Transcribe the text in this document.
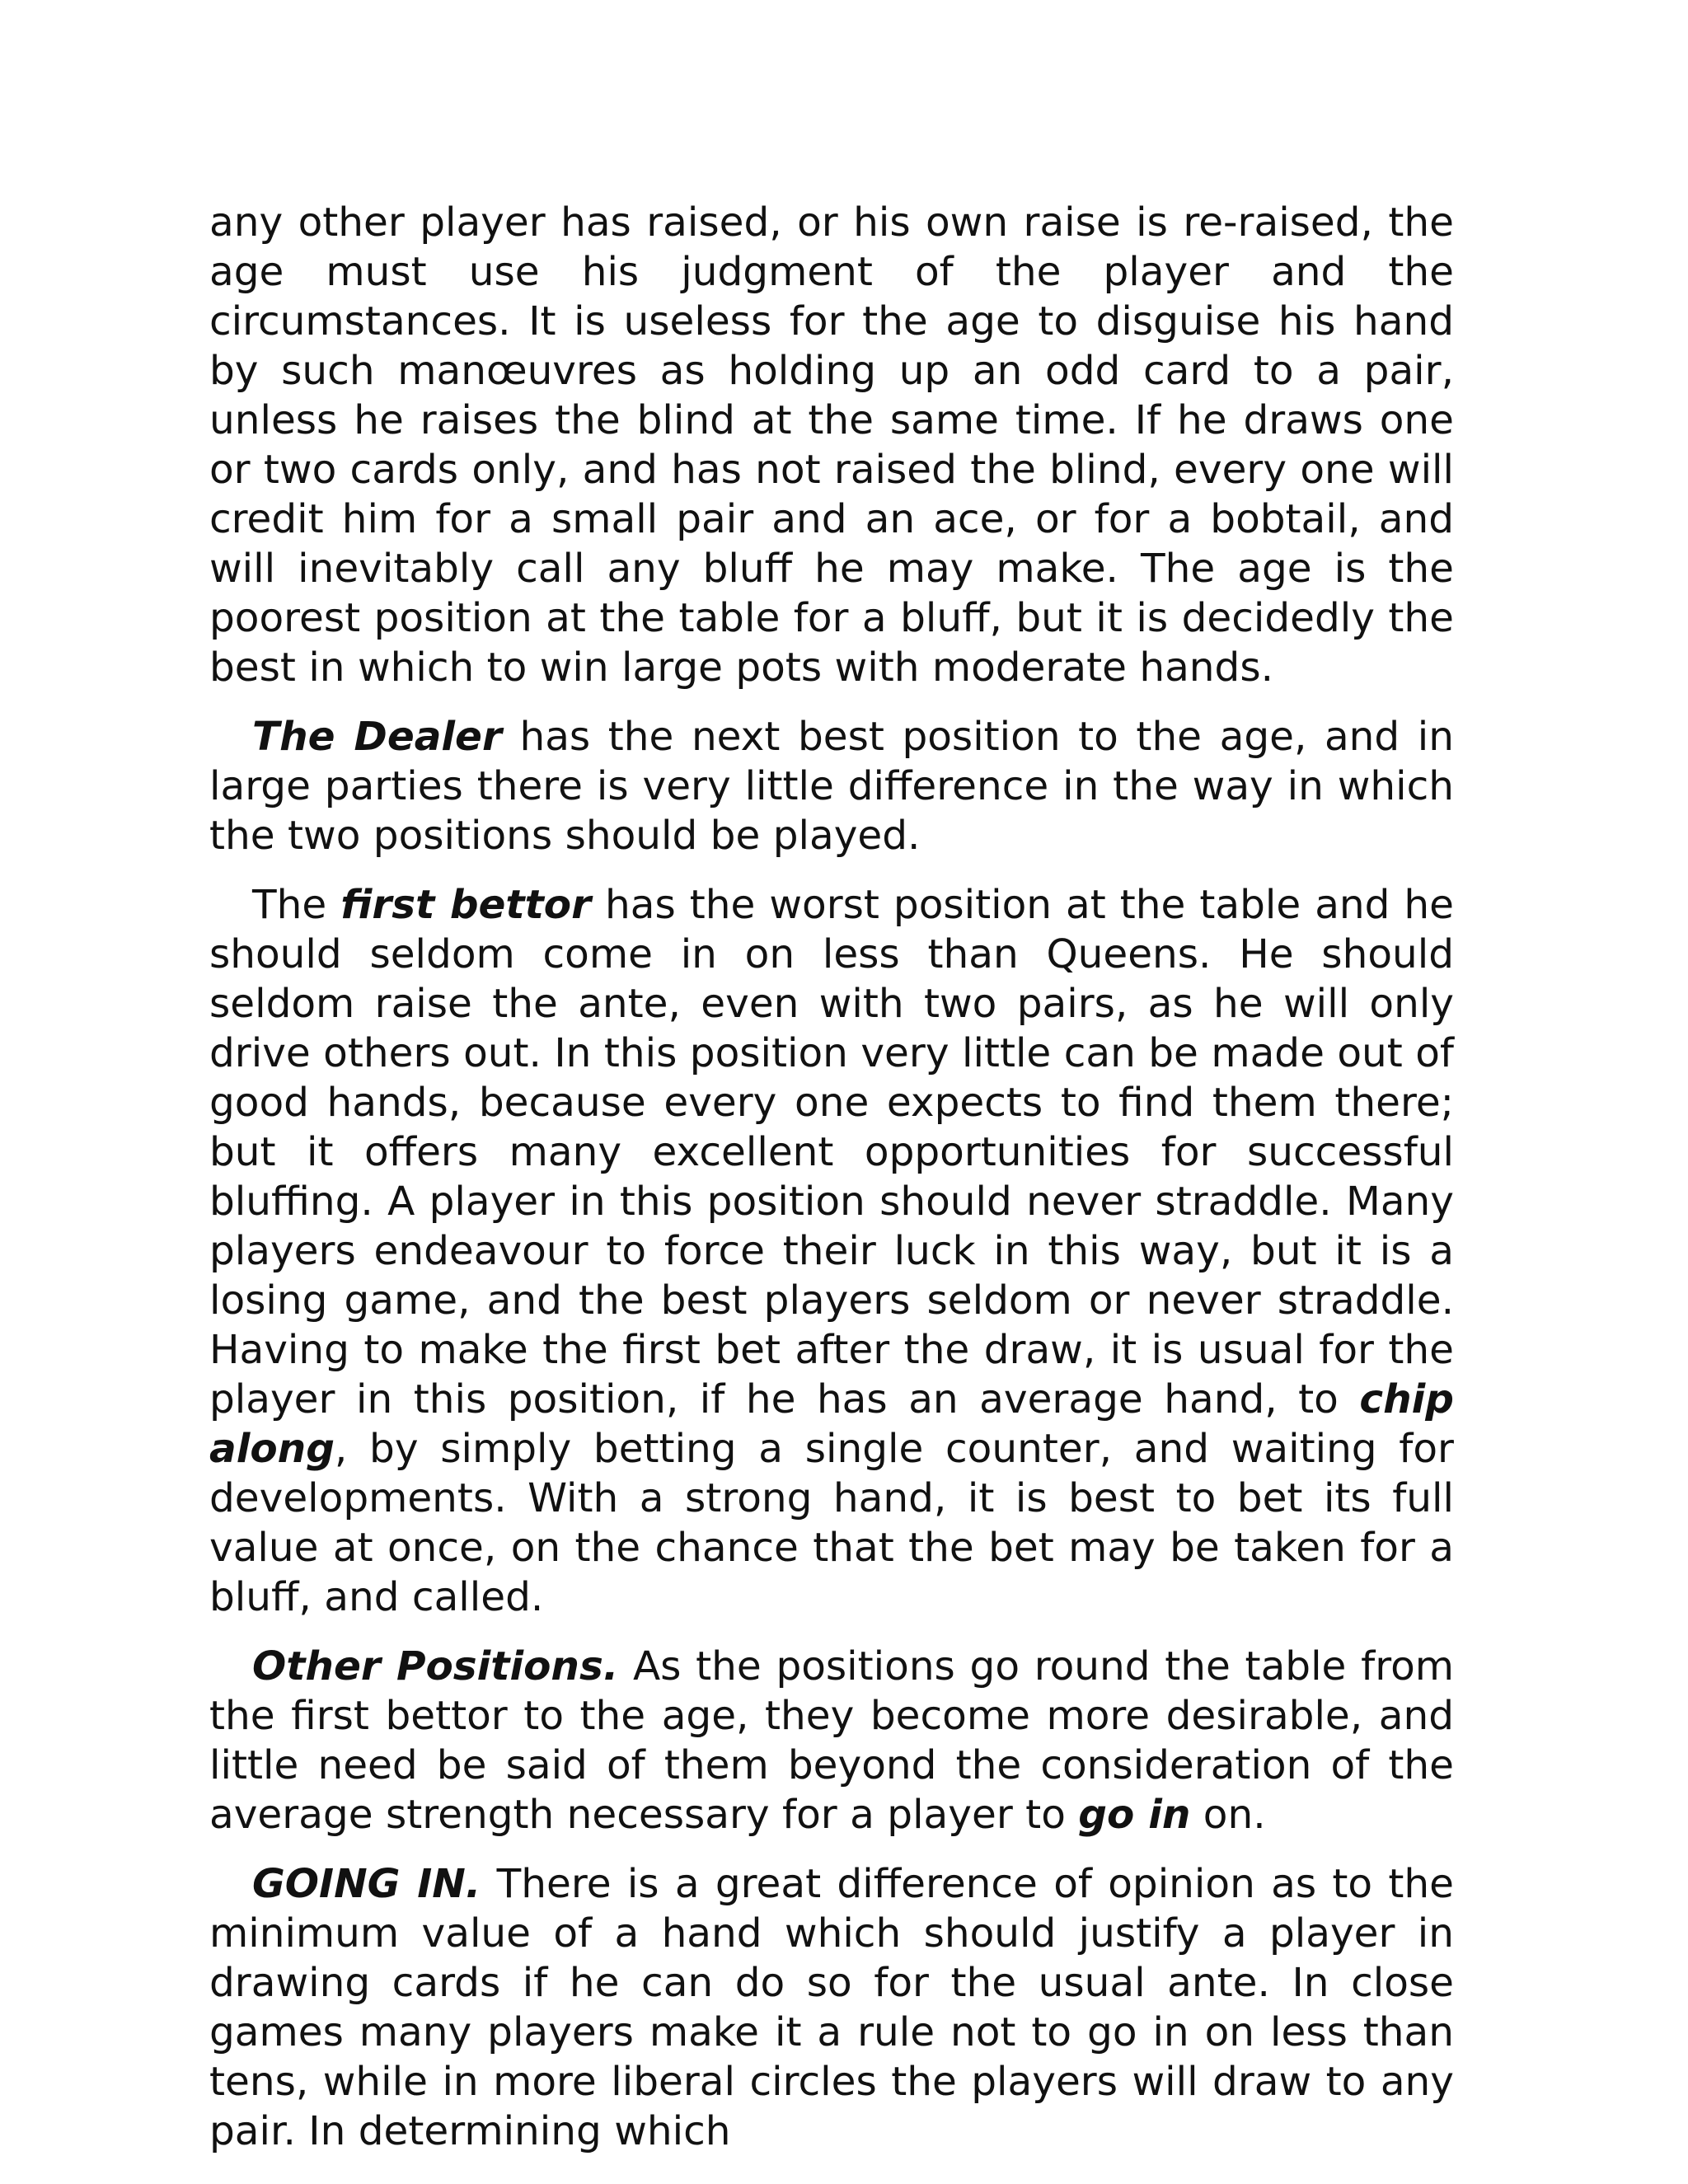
any other player has raised, or his own raise is re-raised, the age must use his judgment of the player and the circumstances. It is useless for the age to disguise his hand by such manœuvres as holding up an odd card to a pair, unless he raises the blind at the same time. If he draws one or two cards only, and has not raised the blind, every one will credit him for a small pair and an ace, or for a bobtail, and will inevitably call any bluff he may make. The age is the poorest position at the table for a bluff, but it is decidedly the best in which to win large pots with moderate hands.

The Dealer has the next best position to the age, and in large parties there is very little difference in the way in which the two positions should be played.

The first bettor has the worst position at the table and he should seldom come in on less than Queens. He should seldom raise the ante, even with two pairs, as he will only drive others out. In this position very little can be made out of good hands, because every one expects to find them there; but it offers many excellent opportunities for successful bluffing. A player in this position should never straddle. Many players endeavour to force their luck in this way, but it is a losing game, and the best players seldom or never straddle. Having to make the first bet after the draw, it is usual for the player in this position, if he has an average hand, to chip along, by simply betting a single counter, and waiting for developments. With a strong hand, it is best to bet its full value at once, on the chance that the bet may be taken for a bluff, and called.

Other Positions. As the positions go round the table from the first bettor to the age, they become more desirable, and little need be said of them beyond the consideration of the average strength necessary for a player to go in on.

GOING IN. There is a great difference of opinion as to the minimum value of a hand which should justify a player in drawing cards if he can do so for the usual ante. In close games many players make it a rule not to go in on less than tens, while in more liberal circles the players will draw to any pair. In determining which
